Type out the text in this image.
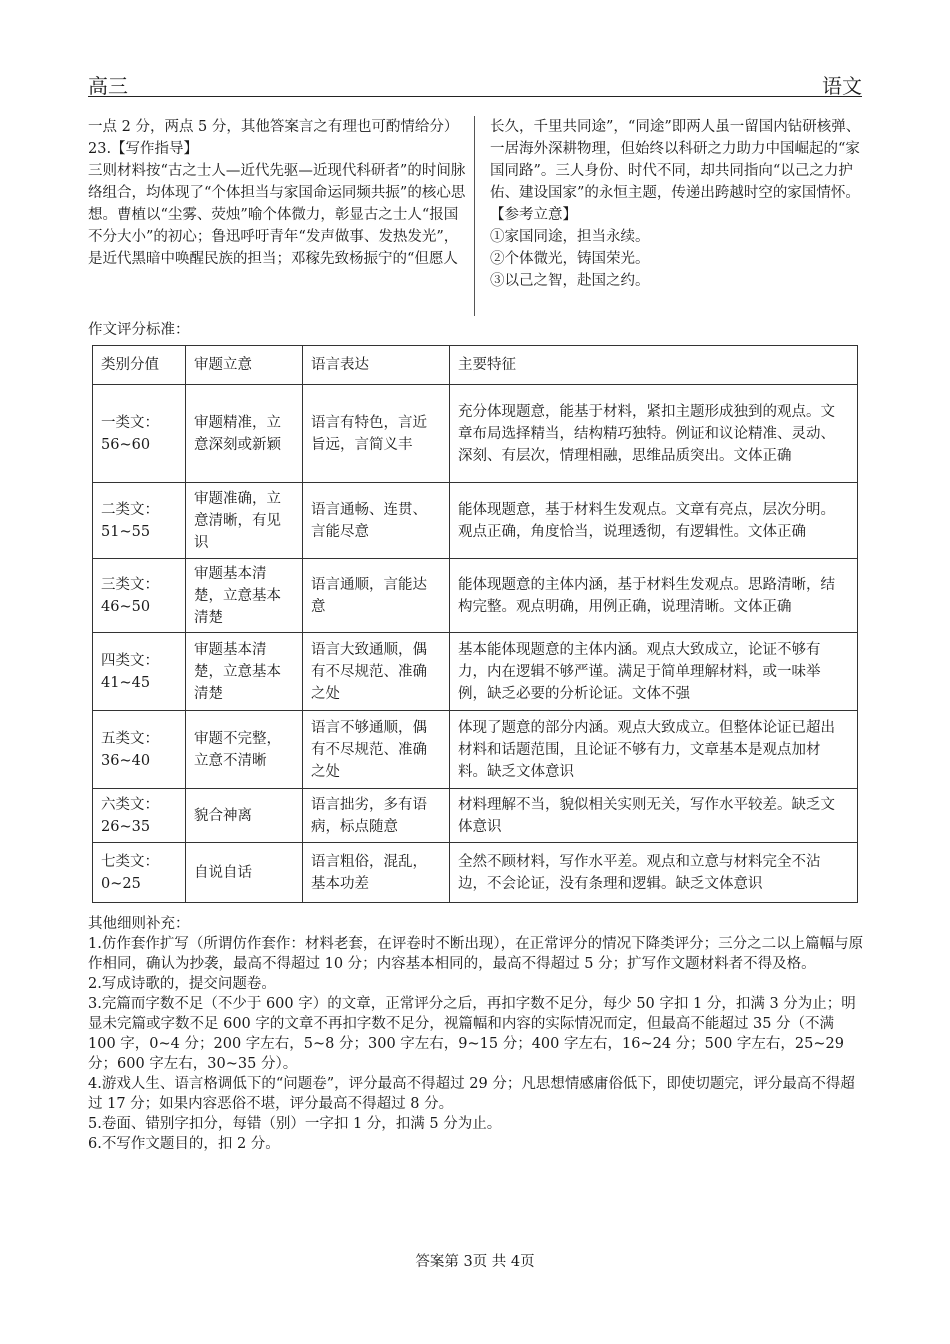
高三	语文

一点 2 分，两点 5 分，其他答案言之有理也可酌情给分）

23.【写作指导】

三则材料按“古之士人—近代先驱—近现代科研者”的时间脉络组合，均体现了“个体担当与家国命运同频共振”的核心思想。曹植以“尘雾、荧烛”喻个体微力，彰显古之士人“报国不分大小”的初心；鲁迅呼吁青年“发声做事、发热发光”，是近代黑暗中唤醒民族的担当；邓稼先致杨振宁的“但愿人

长久，千里共同途”，“同途”即两人虽一留国内钻研核弹、一居海外深耕物理，但始终以科研之力助力中国崛起的“家国同路”。三人身份、时代不同，却共同指向“以己之力护佑、建设国家”的永恒主题，传递出跨越时空的家国情怀。

【参考立意】

①家国同途，担当永续。

②个体微光，铸国荣光。

③以己之智，赴国之约。

作文评分标准：
类别分值	审题立意	语言表达	主要特征
一类文：56~60	审题精准，立意深刻或新颖	语言有特色，言近旨远，言简义丰	充分体现题意，能基于材料，紧扣主题形成独到的观点。文章布局选择精当，结构精巧独特。例证和议论精准、灵动、深刻、有层次，情理相融，思维品质突出。文体正确
二类文：51~55	审题准确，立意清晰，有见识	语言通畅、连贯、言能尽意	能体现题意，基于材料生发观点。文章有亮点，层次分明。观点正确，角度恰当，说理透彻，有逻辑性。文体正确
三类文：46~50	审题基本清楚，立意基本清楚	语言通顺，言能达意	能体现题意的主体内涵，基于材料生发观点。思路清晰，结构完整。观点明确，用例正确，说理清晰。文体正确
四类文：41~45	审题基本清楚，立意基本清楚	语言大致通顺，偶有不尽规范、准确之处	基本能体现题意的主体内涵。观点大致成立，论证不够有力，内在逻辑不够严谨。满足于简单理解材料，或一味举例，缺乏必要的分析论证。文体不强
五类文：36~40	审题不完整，立意不清晰	语言不够通顺，偶有不尽规范、准确之处	体现了题意的部分内涵。观点大致成立。但整体论证已超出材料和话题范围，且论证不够有力，文章基本是观点加材料。缺乏文体意识
六类文：26~35	貌合神离	语言拙劣，多有语病，标点随意	材料理解不当，貌似相关实则无关，写作水平较差。缺乏文体意识
七类文：0~25	自说自话	语言粗俗，混乱，基本功差	全然不顾材料，写作水平差。观点和立意与材料完全不沾边，不会论证，没有条理和逻辑。缺乏文体意识

其他细则补充：

1.仿作套作扩写（所谓仿作套作：材料老套，在评卷时不断出现），在正常评分的情况下降类评分；三分之二以上篇幅与原作相同，确认为抄袭，最高不得超过 10 分；内容基本相同的，最高不得超过 5 分；扩写作文题材料者不得及格。

2.写成诗歌的，提交问题卷。

3.完篇而字数不足（不少于 600 字）的文章，正常评分之后，再扣字数不足分，每少 50 字扣 1 分，扣满 3 分为止；明显未完篇或字数不足 600 字的文章不再扣字数不足分，视篇幅和内容的实际情况而定，但最高不能超过 35 分（不满 100 字，0~4 分；200 字左右，5~8 分；300 字左右，9~15 分；400 字左右，16~24 分；500 字左右，25~29 分；600 字左右，30~35 分）。

4.游戏人生、语言格调低下的“问题卷”，评分最高不得超过 29 分；凡思想情感庸俗低下，即使切题完，评分最高不得超过 17 分；如果内容恶俗不堪，评分最高不得超过 8 分。

5.卷面、错别字扣分，每错（别）一字扣 1 分，扣满 5 分为止。

6.不写作文题目的，扣 2 分。

答案第 3页 共 4页
